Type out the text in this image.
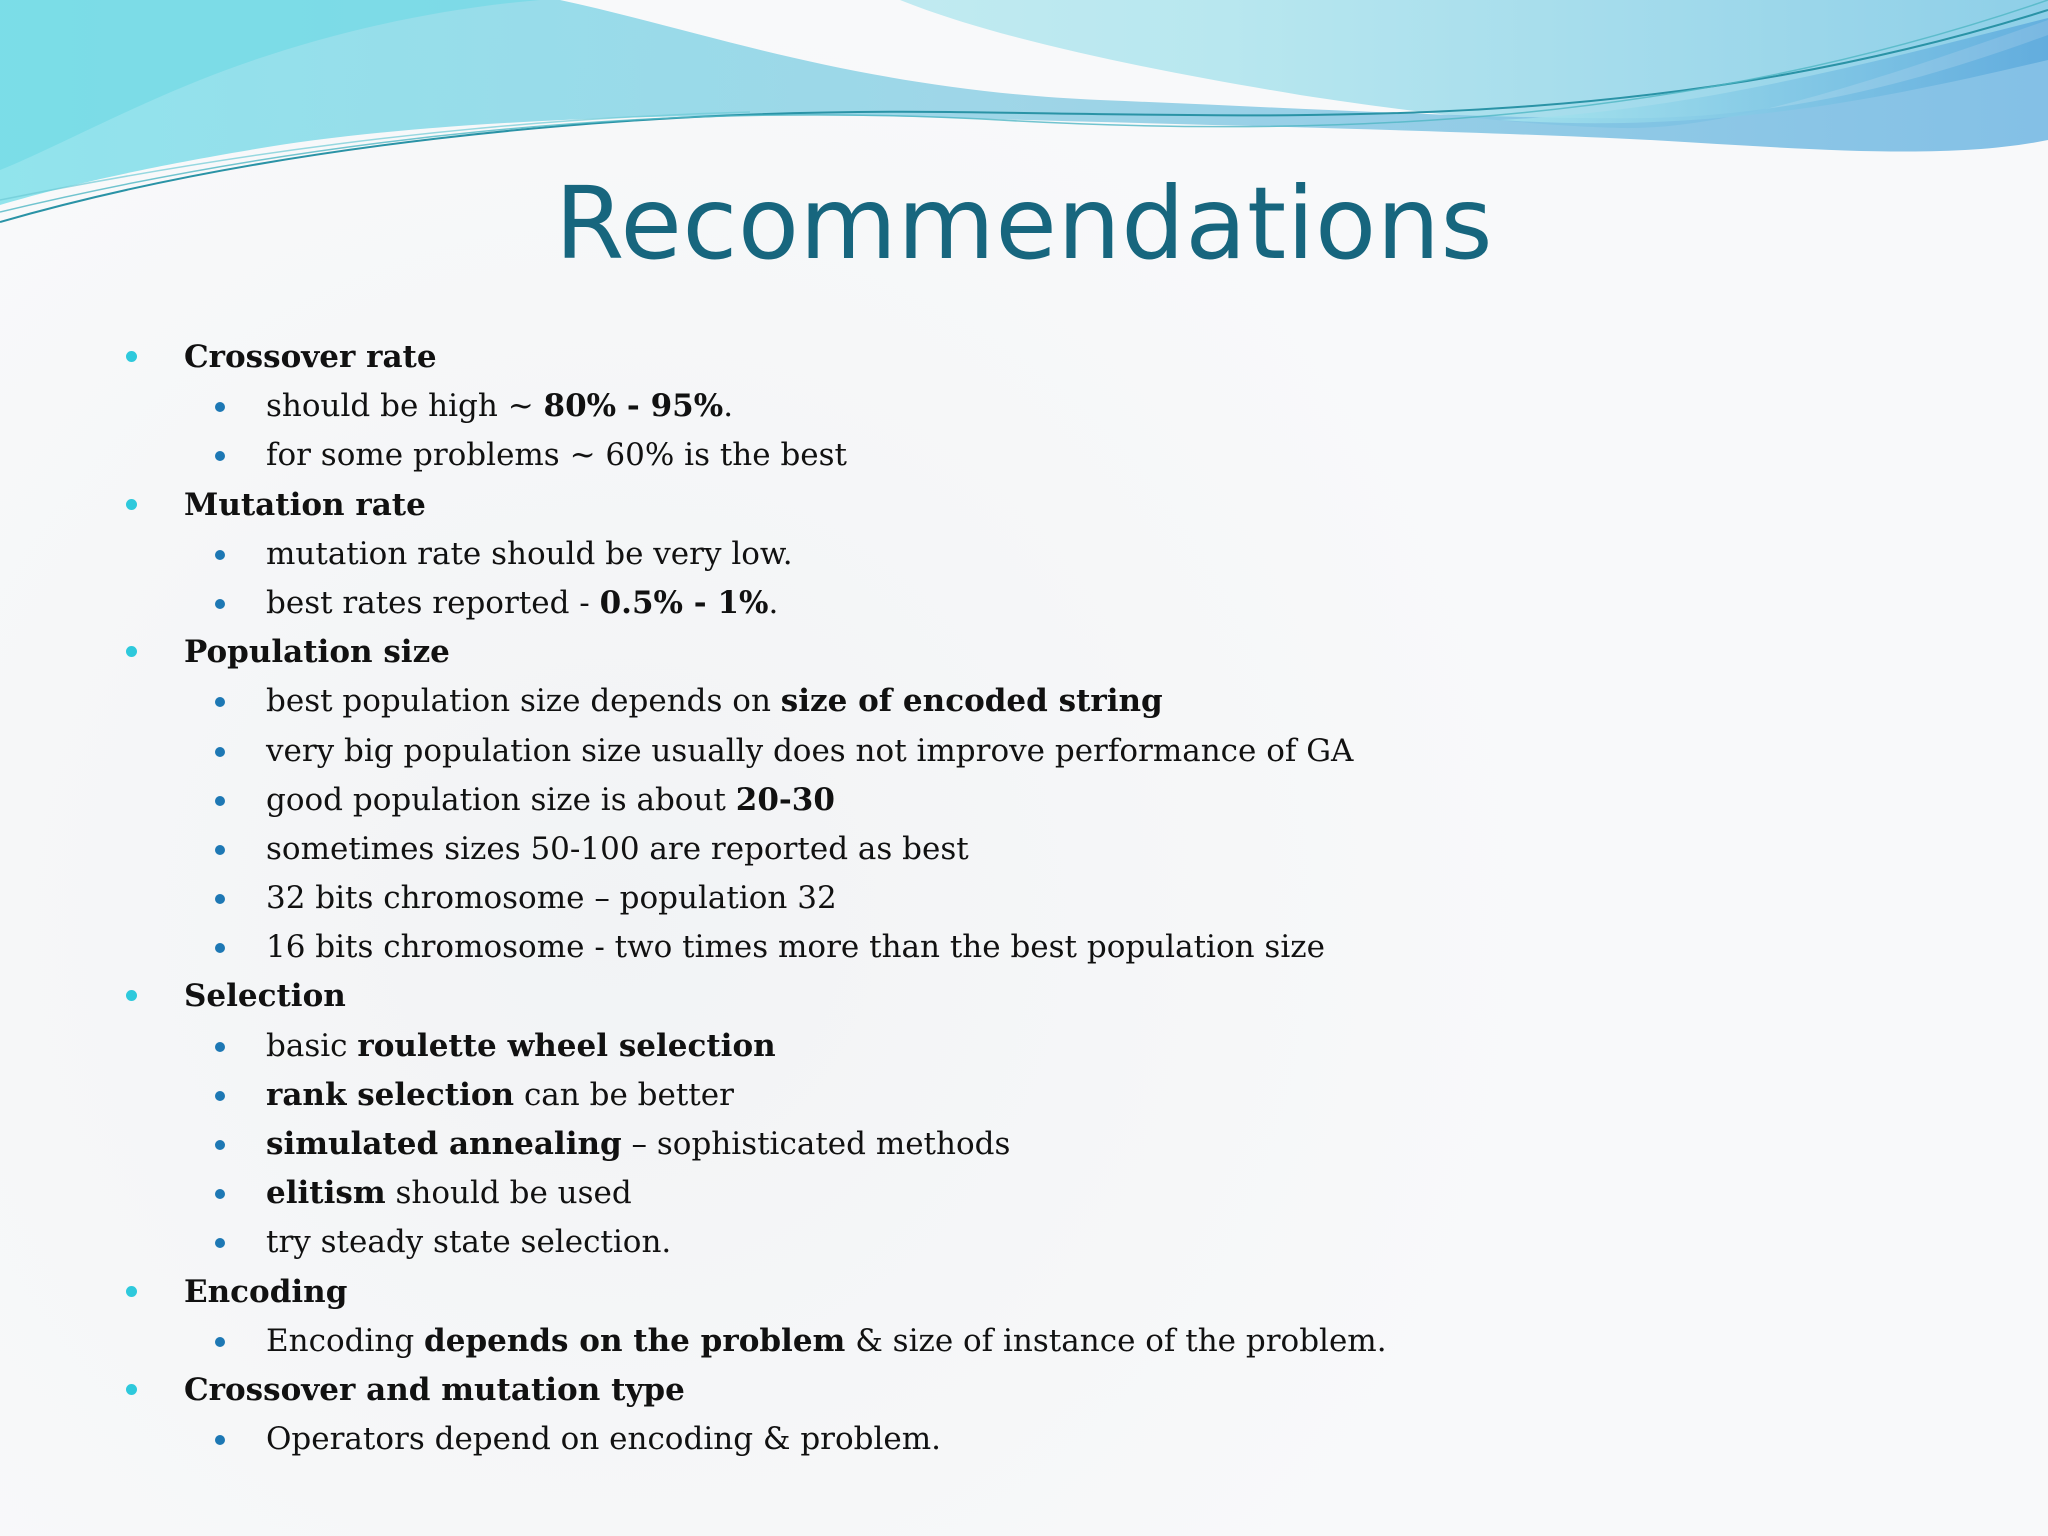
Recommendations
Crossover rate
should be high ~ 80% - 95%.
for some problems ~ 60% is the best
Mutation rate
mutation rate should be very low.
best rates reported - 0.5% - 1%.
Population size
best population size depends on size of encoded string
very big population size usually does not improve performance of GA
good population size is about 20-30
sometimes sizes 50-100 are reported as best
32 bits chromosome – population 32
16 bits chromosome - two times more than the best population size
Selection
basic roulette wheel selection
rank selection can be better
simulated annealing – sophisticated methods
elitism should be used
try steady state selection.
Encoding
Encoding depends on the problem & size of instance of the problem.
Crossover and mutation type
Operators depend on encoding & problem.
